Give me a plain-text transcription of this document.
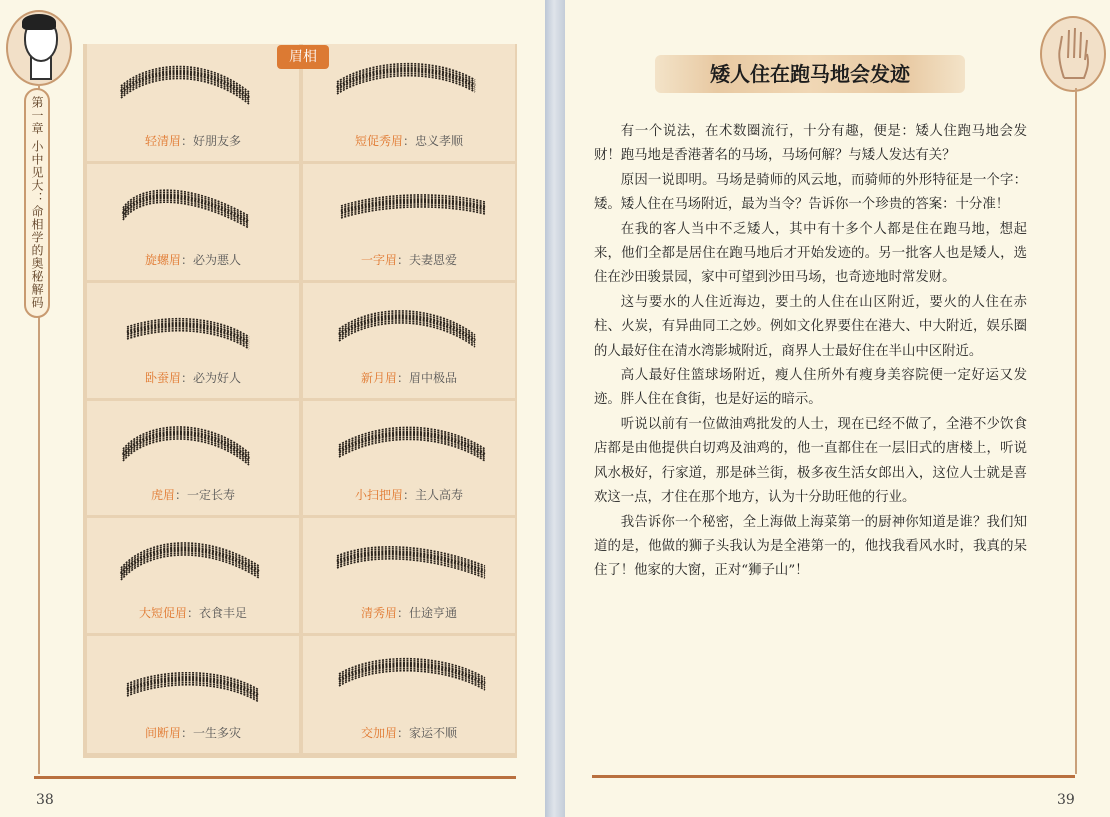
第一章 小中见大：命相学的奥秘解码	轻清眉：好朋友多	短促秀眉：忠义孝顺
旋螺眉：必为悪人	一字眉：夫妻恩爱
卧蚕眉：必为好人	新月眉：眉中极品
虎眉：一定长寿	小扫把眉：主人高寿
大短促眉：衣食丰足	清秀眉：仕途亨通
间断眉：一生多灾	交加眉：家运不顺
眉相
38
矮人住在跑马地会发迹

有一个说法，在术数圈流行，十分有趣，便是：矮人住跑马地会发财！跑马地是香港著名的马场，马场何解？与矮人发达有关？

原因一说即明。马场是骑师的风云地，而骑师的外形特征是一个字：矮。矮人住在马场附近，最为当令？告诉你一个珍贵的答案：十分准！

在我的客人当中不乏矮人，其中有十多个人都是住在跑马地，想起来，他们全都是居住在跑马地后才开始发迹的。另一批客人也是矮人，选住在沙田骏景园，家中可望到沙田马场，也奇迹地时常发财。

这与要水的人住近海边，要土的人住在山区附近，要火的人住在赤柱、火炭，有异曲同工之妙。例如文化界要住在港大、中大附近，娱乐圈的人最好住在清水湾影城附近，商界人士最好住在半山中区附近。

高人最好住篮球场附近，瘦人住所外有瘦身美容院便一定好运又发迹。胖人住在食街，也是好运的暗示。

听说以前有一位做油鸡批发的人士，现在已经不做了，全港不少饮食店都是由他提供白切鸡及油鸡的，他一直都住在一层旧式的唐楼上，听说风水极好，行家道，那是砵兰街，极多夜生活女郎出入，这位人士就是喜欢这一点，才住在那个地方，认为十分助旺他的行业。

我告诉你一个秘密，全上海做上海菜第一的厨神你知道是谁？我们知道的是，他做的狮子头我认为是全港第一的，他找我看风水时，我真的呆住了！他家的大窗，正对“狮子山”！

39
